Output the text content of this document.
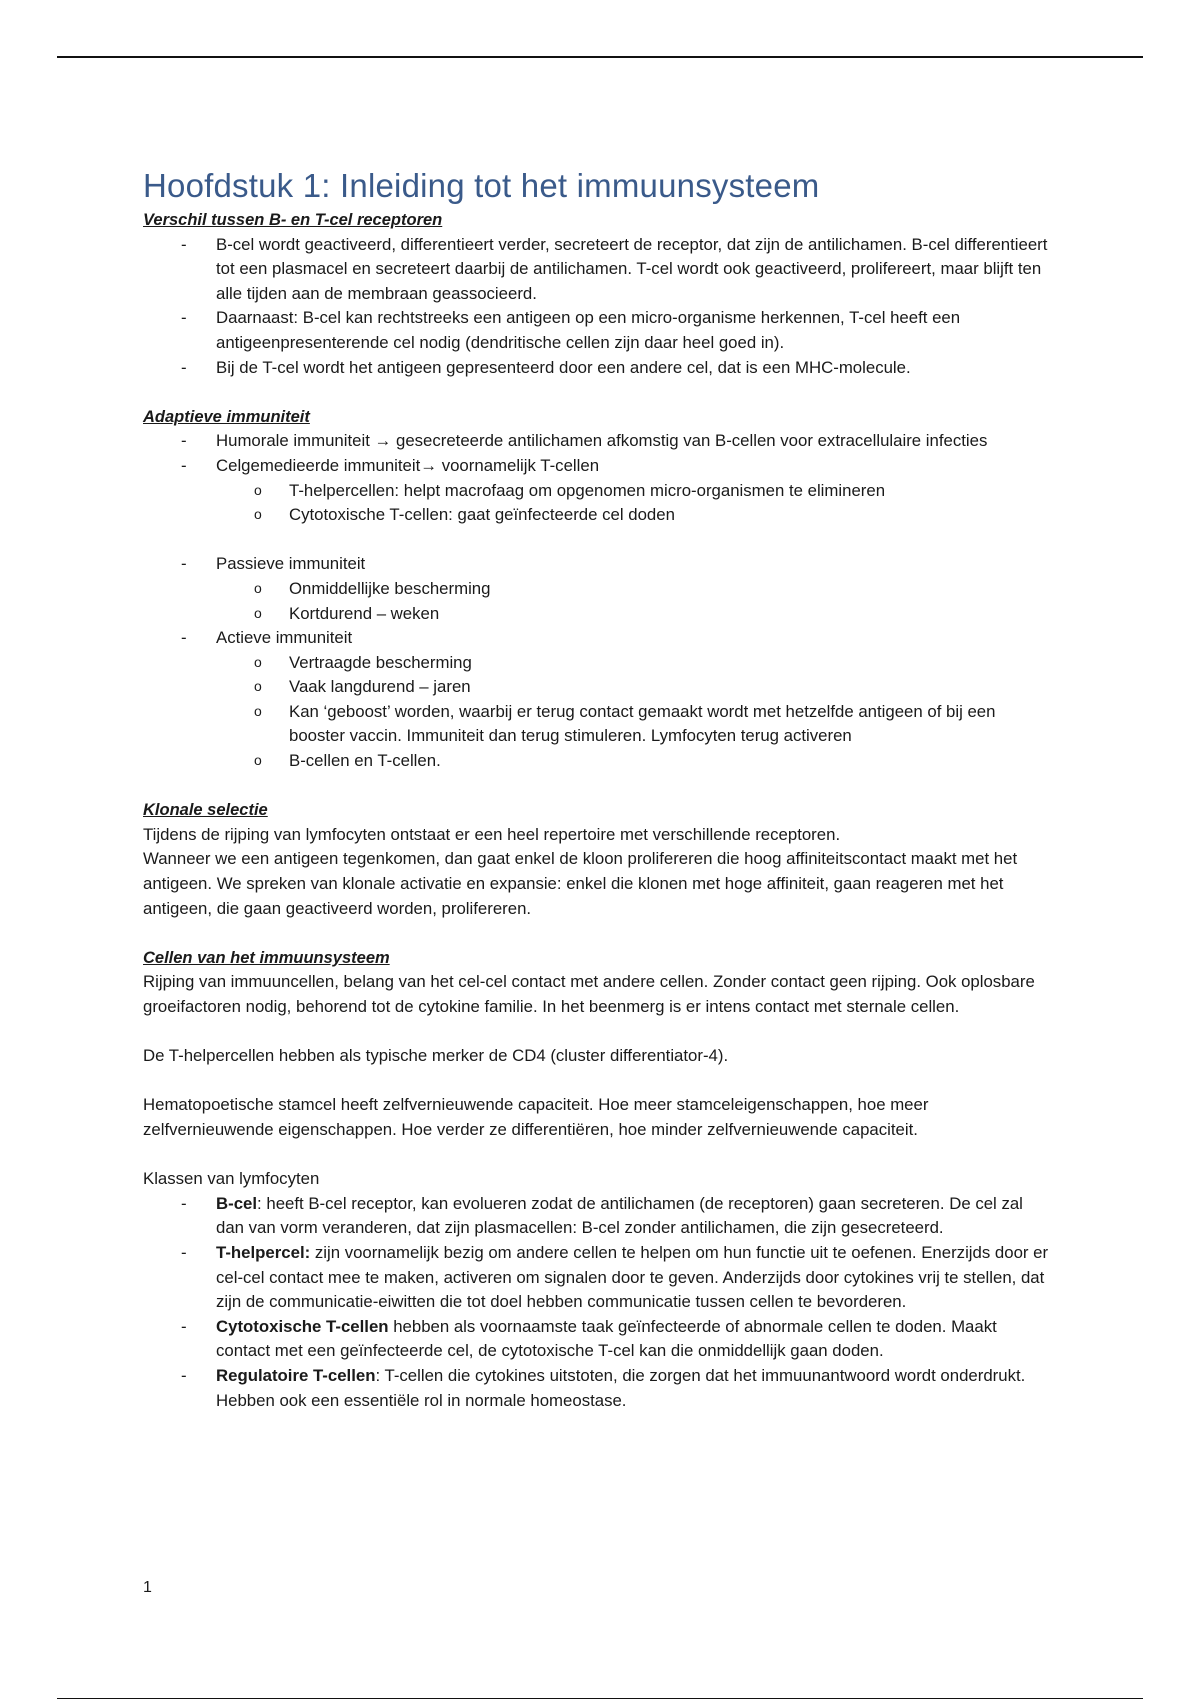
Hoofdstuk 1: Inleiding tot het immuunsysteem

Verschil tussen B- en T-cel receptoren

- B-cel wordt geactiveerd, differentieert verder, secreteert de receptor, dat zijn de antilichamen. B-cel differentieert tot een plasmacel en secreteert daarbij de antilichamen. T-cel wordt ook geactiveerd, prolifereert, maar blijft ten alle tijden aan de membraan geassocieerd.
- Daarnaast: B-cel kan rechtstreeks een antigeen op een micro-organisme herkennen, T-cel heeft een antigeenpresenterende cel nodig (dendritische cellen zijn daar heel goed in).
- Bij de T-cel wordt het antigeen gepresenteerd door een andere cel, dat is een MHC-molecule.

Adaptieve immuniteit

- Humorale immuniteit → gesecreteerde antilichamen afkomstig van B-cellen voor extracellulaire infecties
- Celgemedieerde immuniteit→ voornamelijk T-cellen
o T-helpercellen: helpt macrofaag om opgenomen micro-organismen te elimineren
o Cytotoxische T-cellen: gaat geïnfecteerde cel doden
- Passieve immuniteit
o Onmiddellijke bescherming
o Kortdurend – weken
- Actieve immuniteit
o Vertraagde bescherming
o Vaak langdurend – jaren
o Kan ‘geboost’ worden, waarbij er terug contact gemaakt wordt met hetzelfde antigeen of bij een booster vaccin. Immuniteit dan terug stimuleren. Lymfocyten terug activeren
o B-cellen en T-cellen.

Klonale selectie

Tijdens de rijping van lymfocyten ontstaat er een heel repertoire met verschillende receptoren.

Wanneer we een antigeen tegenkomen, dan gaat enkel de kloon prolifereren die hoog affiniteitscontact maakt met het antigeen. We spreken van klonale activatie en expansie: enkel die klonen met hoge affiniteit, gaan reageren met het antigeen, die gaan geactiveerd worden, prolifereren.

Cellen van het immuunsysteem

Rijping van immuuncellen, belang van het cel-cel contact met andere cellen. Zonder contact geen rijping. Ook oplosbare groeifactoren nodig, behorend tot de cytokine familie. In het beenmerg is er intens contact met sternale cellen.

De T-helpercellen hebben als typische merker de CD4 (cluster differentiator-4).

Hematopoetische stamcel heeft zelfvernieuwende capaciteit. Hoe meer stamceleigenschappen, hoe meer zelfvernieuwende eigenschappen. Hoe verder ze differentiëren, hoe minder zelfvernieuwende capaciteit.

Klassen van lymfocyten

- B-cel: heeft B-cel receptor, kan evolueren zodat de antilichamen (de receptoren) gaan secreteren. De cel zal dan van vorm veranderen, dat zijn plasmacellen: B-cel zonder antilichamen, die zijn gesecreteerd.
- T-helpercel: zijn voornamelijk bezig om andere cellen te helpen om hun functie uit te oefenen. Enerzijds door er cel-cel contact mee te maken, activeren om signalen door te geven. Anderzijds door cytokines vrij te stellen, dat zijn de communicatie-eiwitten die tot doel hebben communicatie tussen cellen te bevorderen.
- Cytotoxische T-cellen hebben als voornaamste taak geïnfecteerde of abnormale cellen te doden. Maakt contact met een geïnfecteerde cel, de cytotoxische T-cel kan die onmiddellijk gaan doden.
- Regulatoire T-cellen: T-cellen die cytokines uitstoten, die zorgen dat het immuunantwoord wordt onderdrukt. Hebben ook een essentiële rol in normale homeostase.
1
